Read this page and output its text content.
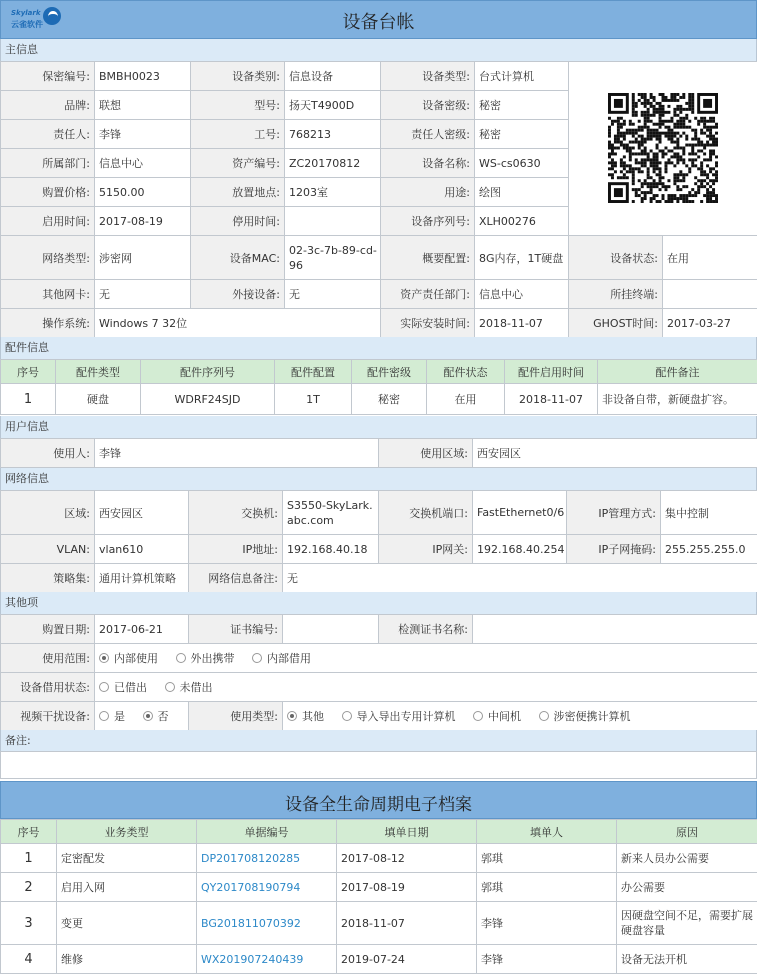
Skylark
云雀软件	设备台帐
主信息
保密编号:	BMBH0023	设备类别:	信息设备	设备类型:	台式计算机	
品牌:	联想	型号:	扬天T4900D	设备密级:	秘密	
责任人:	李锋	工号:	768213	责任人密级:	秘密	
所属部门:	信息中心	资产编号:	ZC20170812	设备名称:	WS-cs0630	
购置价格:	5150.00	放置地点:	1203室	用途:	绘图	
启用时间:	2017-08-19	停用时间:		设备序列号:	XLH00276	
网络类型:	涉密网	设备MAC:	02-3c-7b-89-cd-96	概要配置:	8G内存，1T硬盘	设备状态:	在用
其他网卡:	无	外接设备:	无	资产责任部门:	信息中心	所挂终端:	
操作系统:	Windows 7 32位			实际安装时间:	2018-11-07	GHOST时间:	2017-03-27
配件信息
序号	配件类型	配件序列号	配件配置	配件密级	配件状态	配件启用时间	配件备注
1	硬盘	WDRF24SJD	1T	秘密	在用	2018-11-07	非设备自带，新硬盘扩容。
用户信息
使用人:	李锋	使用区域:	西安园区
网络信息
区域:	西安园区	交换机:	S3550-SkyLark.abc.com	交换机端口:	FastEthernet0/6	IP管理方式:	集中控制
VLAN:	vlan610	IP地址:	192.168.40.18	IP网关:	192.168.40.254	IP子网掩码:	255.255.255.0
策略集:	通用计算机策略	网络信息备注:	无				
其他项
购置日期:	2017-06-21	证书编号:		检测证书名称:	
使用范围:	内部使用 外出携带 内部借用				
设备借用状态:	已借出 未借出				
视频干扰设备:	是 否	使用类型:	其他 导入导出专用计算机 中间机 涉密便携计算机		
备注:
设备全生命周期电子档案
序号	业务类型	单据编号	填单日期	填单人	原因
1	定密配发	DP201708120285	2017-08-12	郭琪	新来人员办公需要
2	启用入网	QY201708190794	2017-08-19	郭琪	办公需要
3	变更	BG201811070392	2018-11-07	李锋	因硬盘空间不足，需要扩展硬盘容量
4	维修	WX201907240439	2019-07-24	李锋	设备无法开机
